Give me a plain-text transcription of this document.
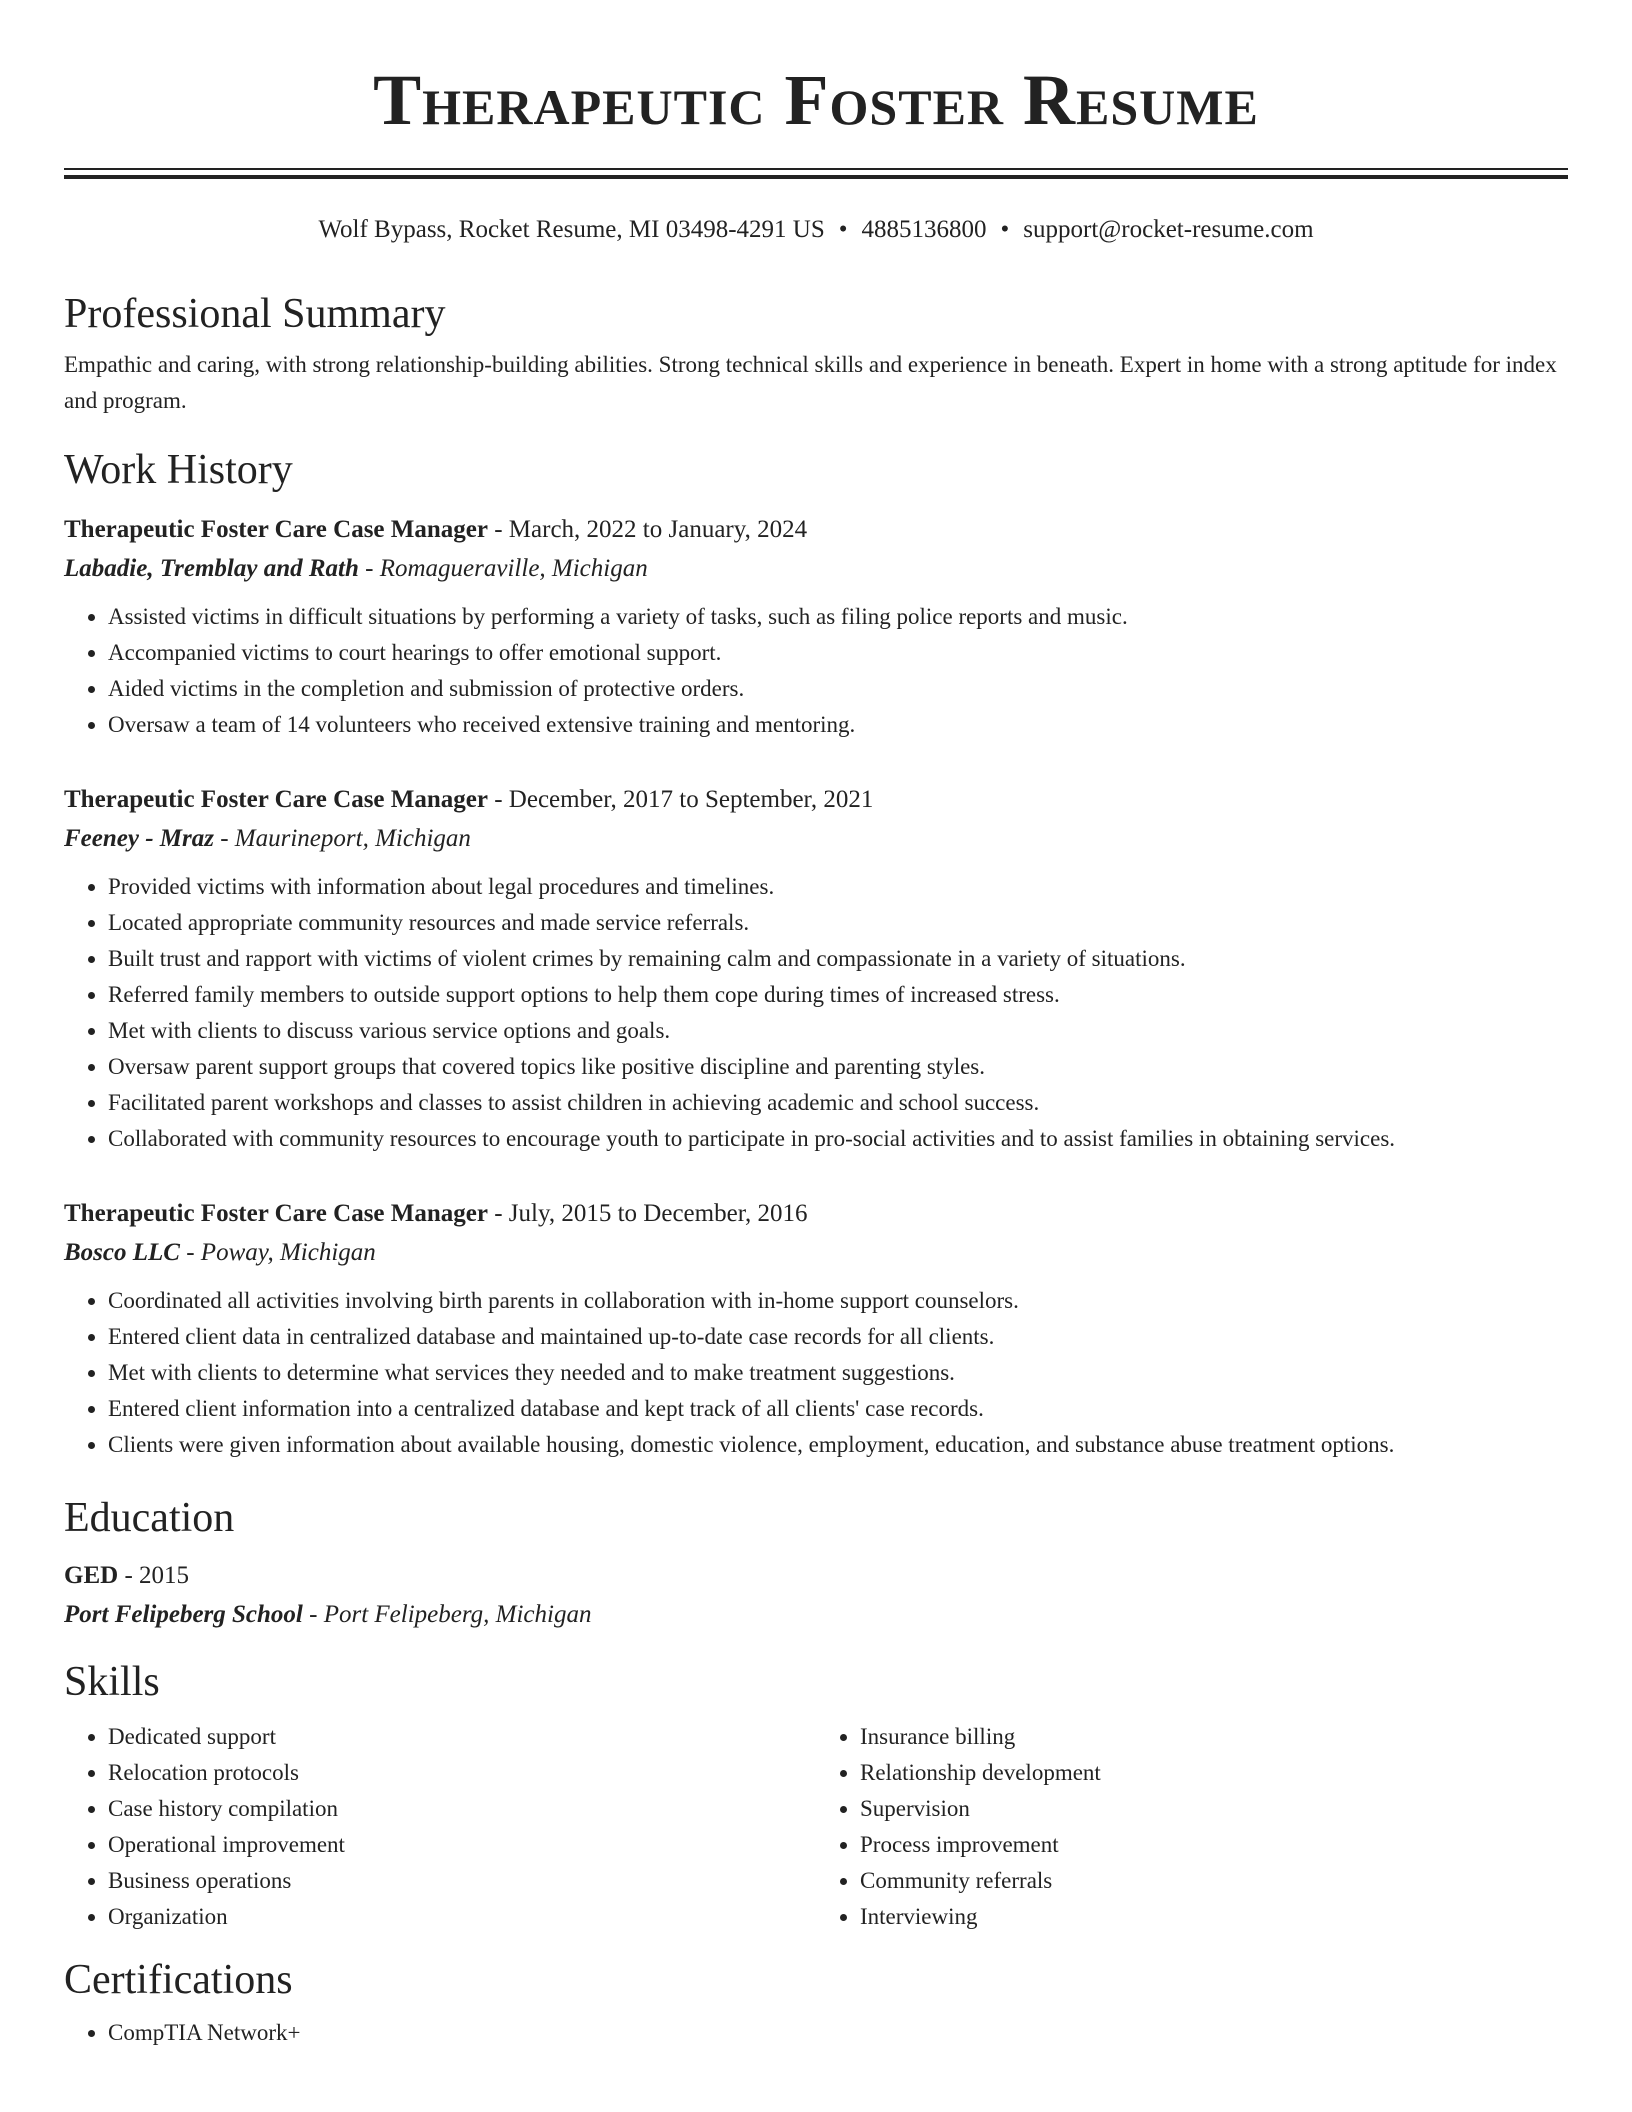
Therapeutic Foster Resume
Wolf Bypass, Rocket Resume, MI 03498-4291 US • 4885136800 • support@rocket-resume.com
Professional Summary

Empathic and caring, with strong relationship-building abilities. Strong technical skills and experience in beneath. Expert in home with a strong aptitude for index and program.

Work History
Therapeutic Foster Care Case Manager - March, 2022 to January, 2024
Labadie, Tremblay and Rath - Romagueraville, Michigan
• Assisted victims in difficult situations by performing a variety of tasks, such as filing police reports and music.
• Accompanied victims to court hearings to offer emotional support.
• Aided victims in the completion and submission of protective orders.
• Oversaw a team of 14 volunteers who received extensive training and mentoring.
Therapeutic Foster Care Case Manager - December, 2017 to September, 2021
Feeney - Mraz - Maurineport, Michigan
• Provided victims with information about legal procedures and timelines.
• Located appropriate community resources and made service referrals.
• Built trust and rapport with victims of violent crimes by remaining calm and compassionate in a variety of situations.
• Referred family members to outside support options to help them cope during times of increased stress.
• Met with clients to discuss various service options and goals.
• Oversaw parent support groups that covered topics like positive discipline and parenting styles.
• Facilitated parent workshops and classes to assist children in achieving academic and school success.
• Collaborated with community resources to encourage youth to participate in pro-social activities and to assist families in obtaining services.
Therapeutic Foster Care Case Manager - July, 2015 to December, 2016
Bosco LLC - Poway, Michigan
• Coordinated all activities involving birth parents in collaboration with in-home support counselors.
• Entered client data in centralized database and maintained up-to-date case records for all clients.
• Met with clients to determine what services they needed and to make treatment suggestions.
• Entered client information into a centralized database and kept track of all clients' case records.
• Clients were given information about available housing, domestic violence, employment, education, and substance abuse treatment options.
Education
GED - 2015
Port Felipeberg School - Port Felipeberg, Michigan
Skills
• Dedicated support
• Relocation protocols
• Case history compilation
• Operational improvement
• Business operations
• Organization
• Insurance billing
• Relationship development
• Supervision
• Process improvement
• Community referrals
• Interviewing
Certifications
• CompTIA Network+
